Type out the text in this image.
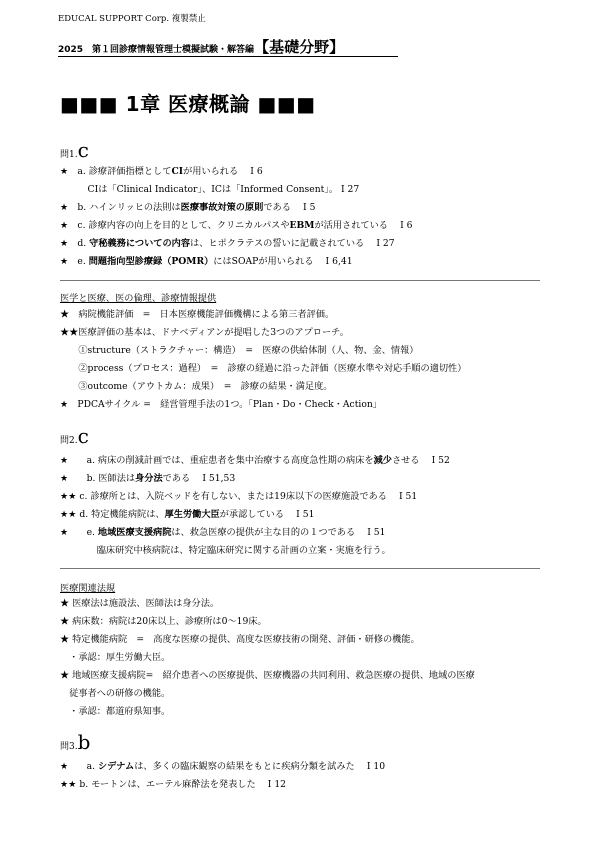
EDUCAL SUPPORT Corp. 複製禁止
2025　第１回診療情報管理士模擬試験・解答編【基礎分野】
■■■ 1章 医療概論 ■■■
問1.c
★　a. 診療評価指標としてCIが用いられる　 I 6
　　　CIは「Clinical Indicator」、ICは「Informed Consent」。 I 27
★　b. ハインリッヒの法則は医療事故対策の原則である　 I 5
★　c. 診療内容の向上を目的として、クリニカルパスやEBMが活用されている　 I 6
★　d. 守秘義務についての内容は、ヒポクラテスの誓いに記載されている　 I 27
★　e. 問題指向型診療録（POMR）にはSOAPが用いられる　 I 6,41
医学と医療、医の倫理、診療情報提供
★　病院機能評価　=　日本医療機能評価機構による第三者評価。
★★医療評価の基本は、ドナベディアンが提唱した3つのアプローチ。
　　①structure（ストラクチャー：構造）　=　医療の供給体制（人、物、金、情報）
　　②process（プロセス：過程）　=　診療の経過に沿った評価（医療水準や対応手順の適切性）
　　③outcome（アウトカム：成果）　=　診療の結果・満足度。
★　PDCAサイクル =　経営管理手法の1つ。「Plan・Do・Check・Action」
問2.c
★　　a. 病床の削減計画では、重症患者を集中治療する高度急性期の病床を減少させる　 I 52
★　　b. 医師法は身分法である　 I 51,53
★★ c. 診療所とは、入院ベッドを有しない、または19床以下の医療施設である　 I 51
★★ d. 特定機能病院は、厚生労働大臣が承認している　 I 51
★　　e. 地域医療支援病院は、救急医療の提供が主な目的の１つである　 I 51
　　　　臨床研究中核病院は、特定臨床研究に関する計画の立案・実施を行う。
医療関連法規
★ 医療法は施設法、医師法は身分法。
★ 病床数：病院は20床以上、診療所は0～19床。
★ 特定機能病院　=　高度な医療の提供、高度な医療技術の開発、評価・研修の機能。
　・承認：厚生労働大臣。
★ 地域医療支援病院=　紹介患者への医療提供、医療機器の共同利用、救急医療の提供、地域の医療
　従事者への研修の機能。
　・承認：都道府県知事。
問3.b
★　　a. シデナムは、多くの臨床観察の結果をもとに疾病分類を試みた　 I 10
★★ b. モートンは、エーテル麻酔法を発表した　 I 12
